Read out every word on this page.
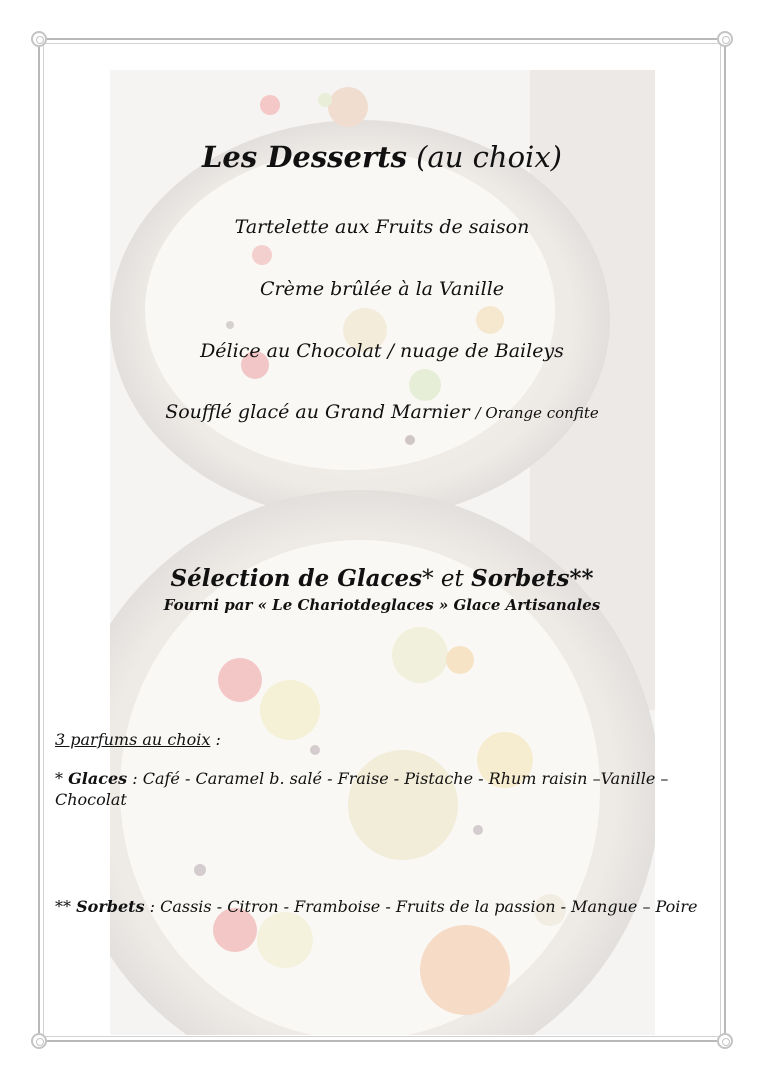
Les Desserts (au choix)
Tartelette aux Fruits de saison
Crème brûlée à la Vanille
Délice au Chocolat / nuage de Baileys
Soufflé glacé au Grand Marnier / Orange confite
Sélection de Glaces* et Sorbets**
Fourni par « Le Chariotdeglaces » Glace Artisanales
3 parfums au choix :
* Glaces : Café - Caramel b. salé - Fraise - Pistache - Rhum raisin –Vanille – Chocolat
** Sorbets : Cassis - Citron - Framboise - Fruits de la passion - Mangue – Poire
